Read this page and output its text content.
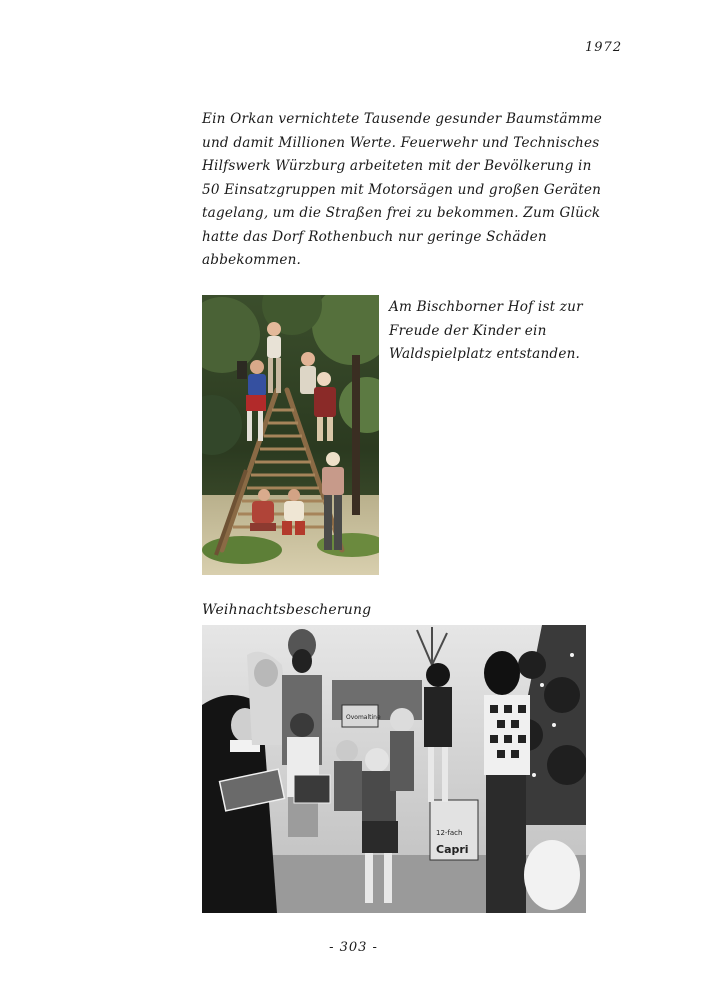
1972
Ein Orkan vernichtete Tausende gesunder Baumstämme
und damit Millionen Werte. Feuerwehr und Technisches
Hilfswerk Würzburg arbeiteten mit der Bevölkerung in
50 Einsatzgruppen mit Motorsägen und großen Geräten
tagelang, um die Straßen frei zu bekommen. Zum Glück
hatte das Dorf Rothenbuch nur geringe Schäden
abbekommen.
Am Bischborner Hof ist zur
Freude der Kinder ein
Waldspielplatz entstanden.
Weihnachtsbescherung
Ovomaltine
12-fach
Capri
- 303 -
